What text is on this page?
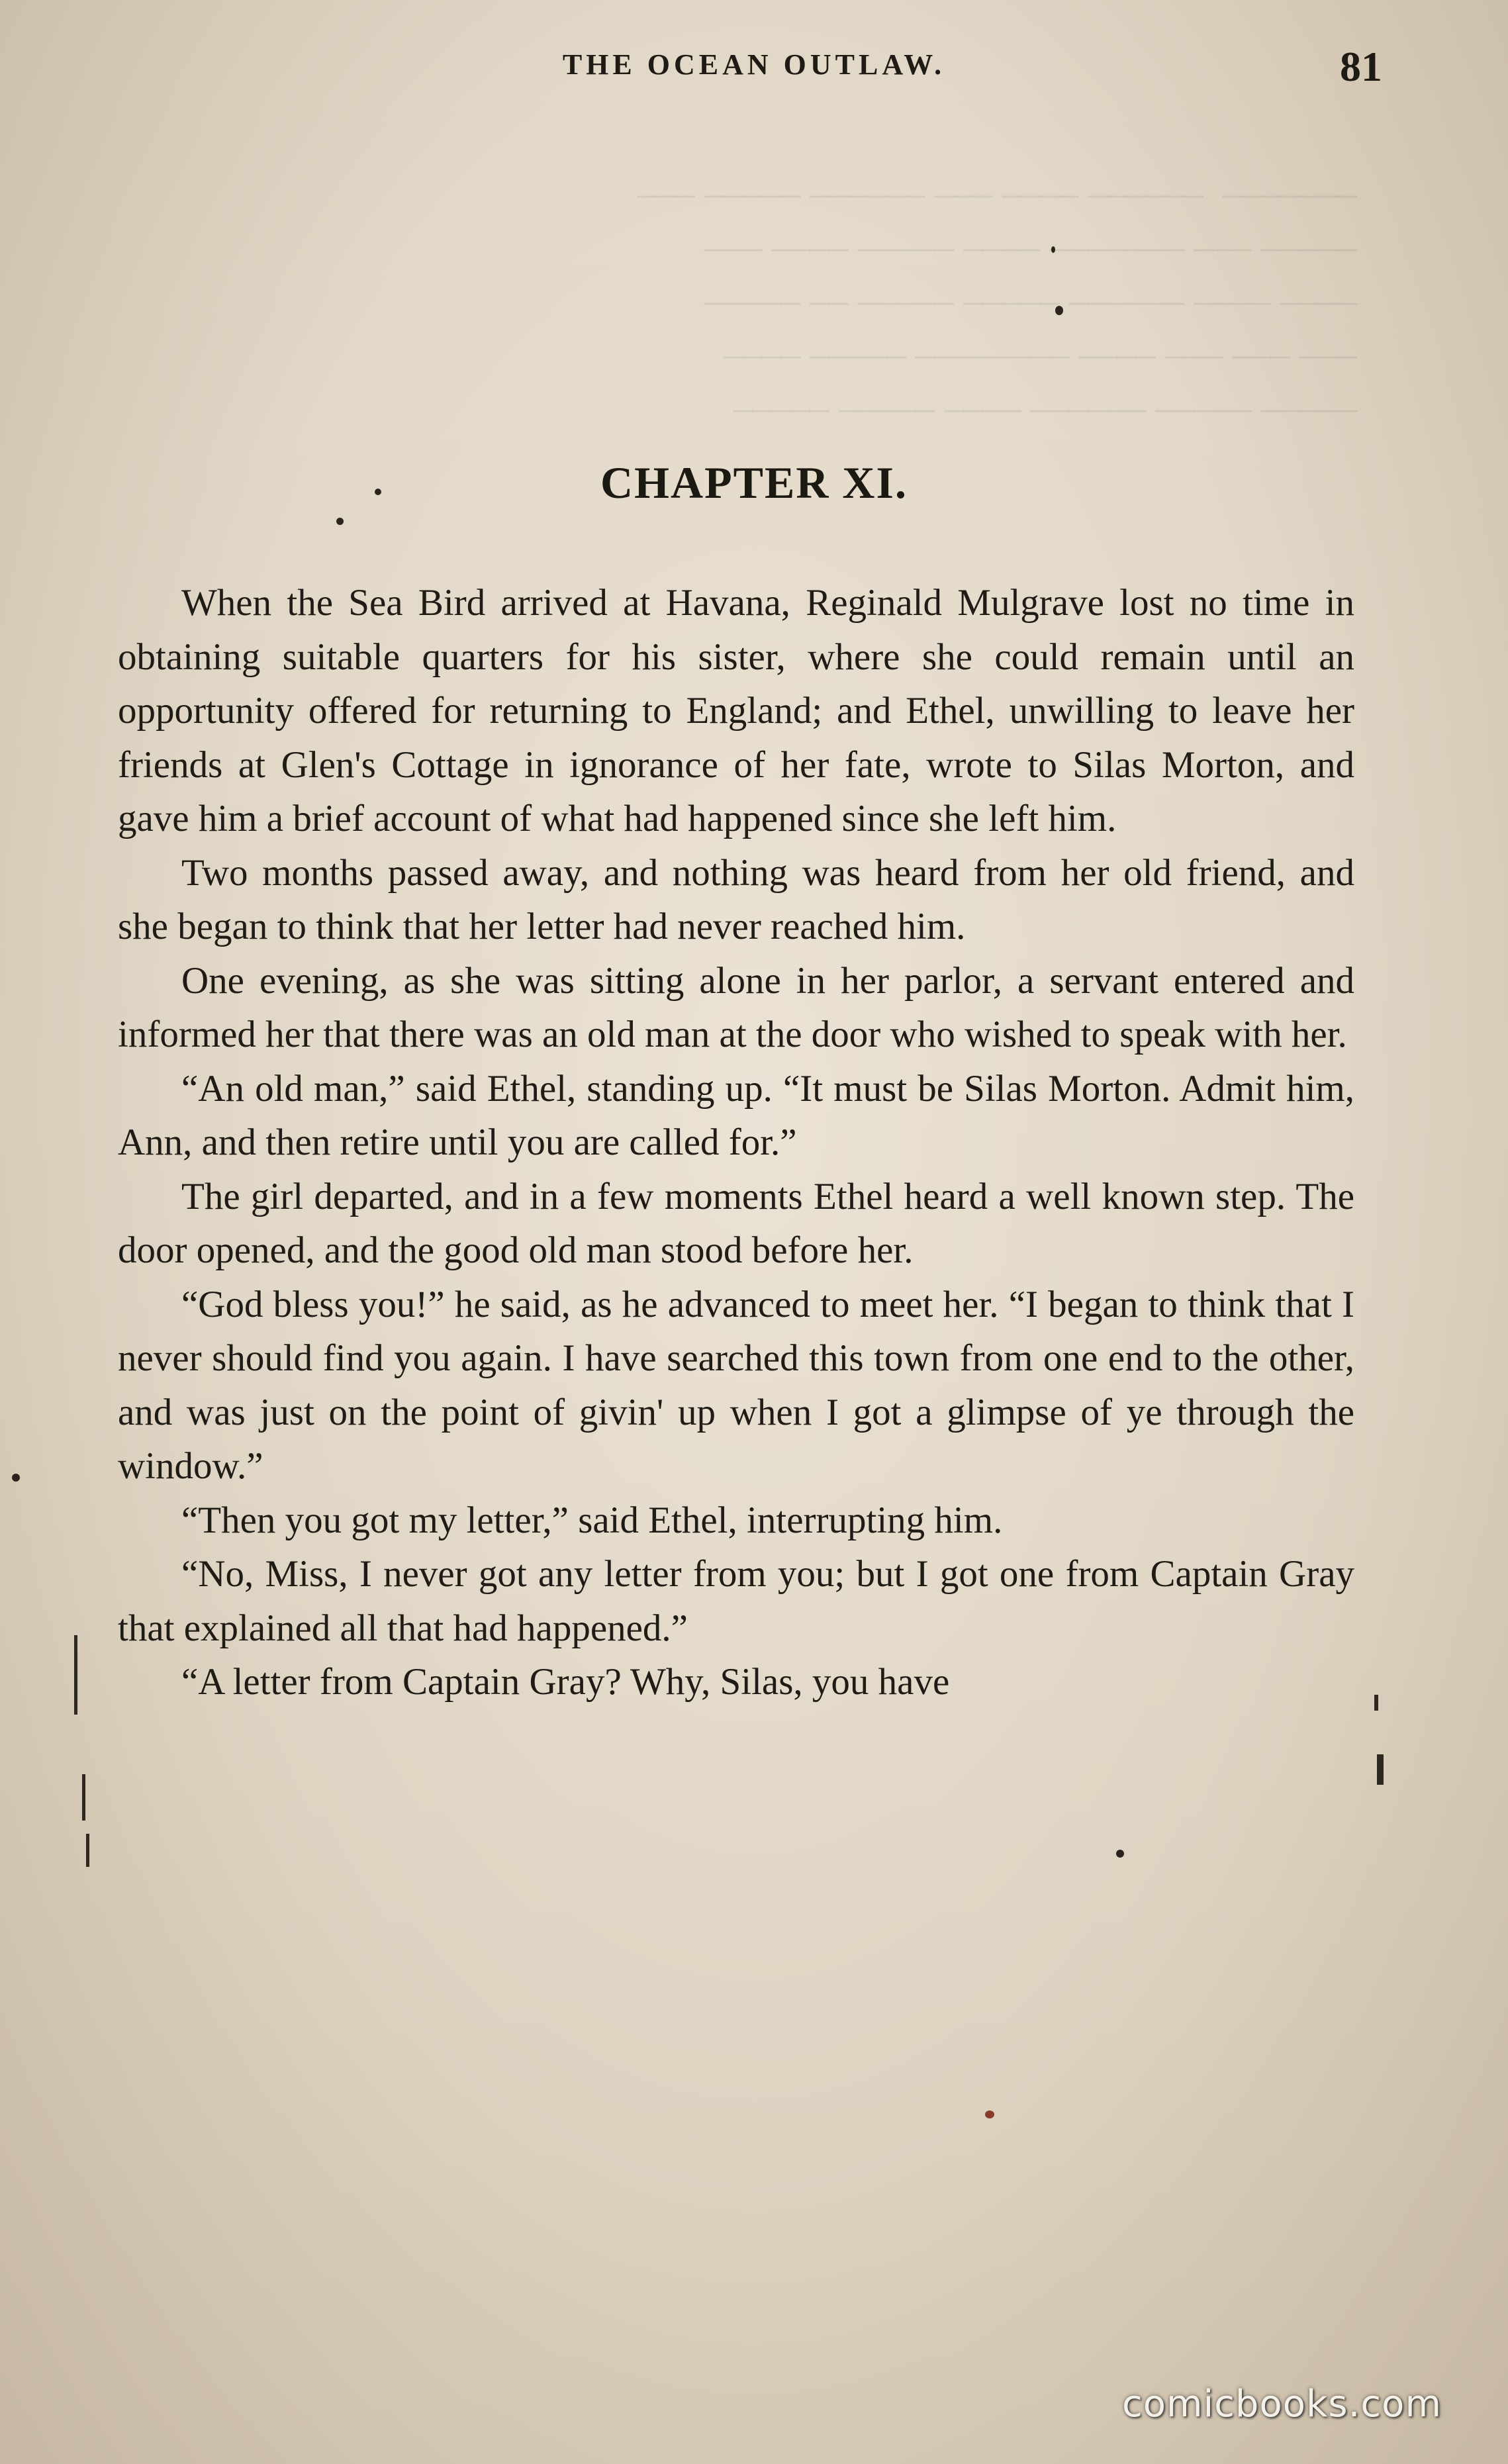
_______  ______ ____ ___ ______ _____ ___
_____ ___ _______ ____ _____ ____ ___
____ ____ ______ _____ _____ __ _____
___ ___ ___ ____ ________ _____ ____
_____ _____ ______ ____ _____ _____

THE OCEAN OUTLAW.	81
CHAPTER XI.

When the Sea Bird arrived at Havana, Reginald Mulgrave lost no time in obtaining suitable quarters for his sister, where she could remain until an opportunity offered for returning to England; and Ethel, unwilling to leave her friends at Glen's Cottage in ignorance of her fate, wrote to Silas Morton, and gave him a brief account of what had happened since she left him.

Two months passed away, and nothing was heard from her old friend, and she began to think that her letter had never reached him.

One evening, as she was sitting alone in her parlor, a servant entered and informed her that there was an old man at the door who wished to speak with her.

“An old man,” said Ethel, standing up. “It must be Silas Morton. Admit him, Ann, and then retire until you are called for.”

The girl departed, and in a few moments Ethel heard a well known step. The door opened, and the good old man stood before her.

“God bless you!” he said, as he advanced to meet her. “I began to think that I never should find you again. I have searched this town from one end to the other, and was just on the point of givin' up when I got a glimpse of ye through the window.”

“Then you got my letter,” said Ethel, interrupting him.

“No, Miss, I never got any letter from you; but I got one from Captain Gray that explained all that had happened.”

“A letter from Captain Gray? Why, Silas, you have

comicbooks.com
